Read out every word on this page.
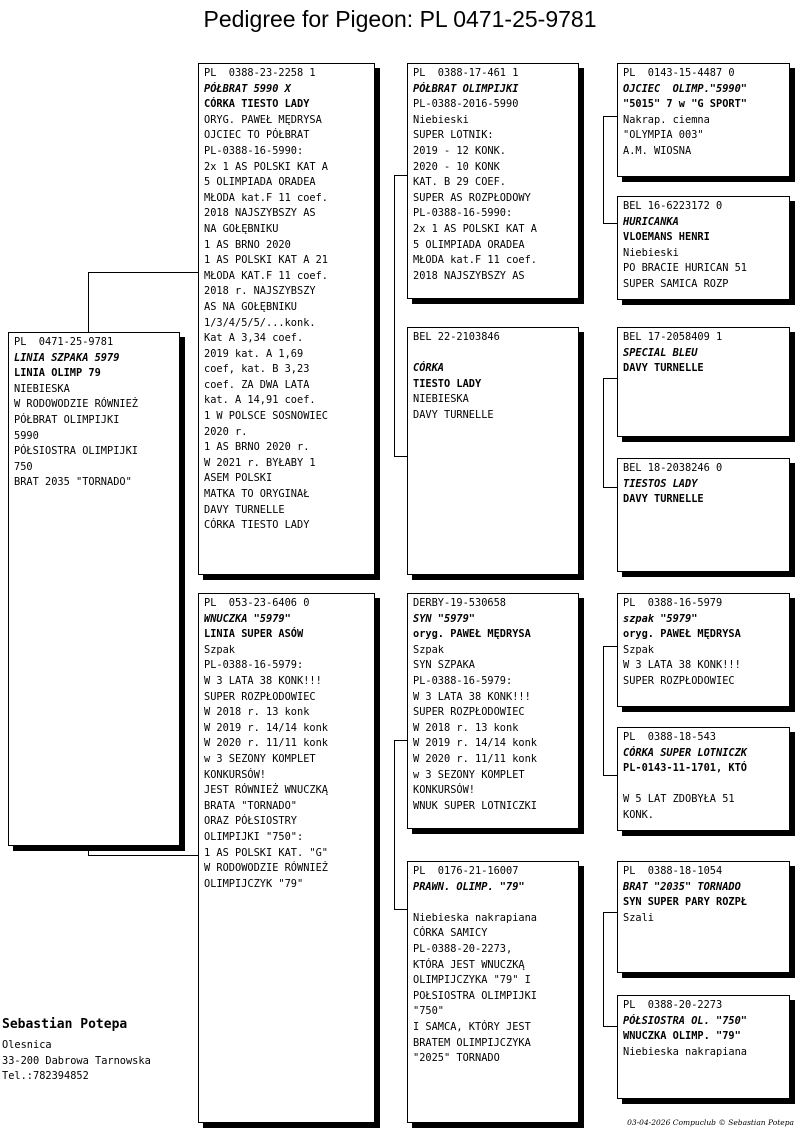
Pedigree for Pigeon: PL 0471-25-9781
PL  0471-25-9781
LINIA SZPAKA 5979
LINIA OLIMP 79
NIEBIESKA
W RODOWODZIE RÓWNIEŻ
PÓŁBRAT OLIMPIJKI
5990
PÓŁSIOSTRA OLIMPIJKI
750
BRAT 2035 "TORNADO"
PL  0388-23-2258 1
PÓŁBRAT 5990 X
CÓRKA TIESTO LADY
ORYG. PAWEŁ MĘDRYSA
OJCIEC TO PÓŁBRAT
PL-0388-16-5990:
2x 1 AS POLSKI KAT A
5 OLIMPIADA ORADEA
MŁODA kat.F 11 coef.
2018 NAJSZYBSZY AS
NA GOŁĘBNIKU
1 AS BRNO 2020
1 AS POLSKI KAT A 21
MŁODA KAT.F 11 coef.
2018 r. NAJSZYBSZY
AS NA GOŁĘBNIKU
1/3/4/5/5/...konk.
Kat A 3,34 coef.
2019 kat. A 1,69
coef, kat. B 3,23
coef. ZA DWA LATA
kat. A 14,91 coef.
1 W POLSCE SOSNOWIEC
2020 r.
1 AS BRNO 2020 r.
W 2021 r. BYŁABY 1
ASEM POLSKI
MATKA TO ORYGINAŁ
DAVY TURNELLE
CÓRKA TIESTO LADY
PL  053-23-6406 0
WNUCZKA "5979"
LINIA SUPER ASÓW
Szpak
PL-0388-16-5979:
W 3 LATA 38 KONK!!!
SUPER ROZPŁODOWIEC
W 2018 r. 13 konk
W 2019 r. 14/14 konk
W 2020 r. 11/11 konk
w 3 SEZONY KOMPLET
KONKURSÓW!
JEST RÓWNIEŻ WNUCZKĄ
BRATA "TORNADO"
ORAZ PÓŁSIOSTRY
OLIMPIJKI "750":
1 AS POLSKI KAT. "G"
W RODOWODZIE RÓWNIEŻ
OLIMPIJCZYK "79"
PL  0388-17-461 1
PÓŁBRAT OLIMPIJKI
PL-0388-2016-5990
Niebieski
SUPER LOTNIK:
2019 - 12 KONK.
2020 - 10 KONK
KAT. B 29 COEF.
SUPER AS ROZPŁODOWY
PL-0388-16-5990:
2x 1 AS POLSKI KAT A
5 OLIMPIADA ORADEA
MŁODA kat.F 11 coef.
2018 NAJSZYBSZY AS
BEL 22-2103846
CÓRKA
TIESTO LADY
NIEBIESKA
DAVY TURNELLE
DERBY-19-530658
SYN "5979"
oryg. PAWEŁ MĘDRYSA
Szpak
SYN SZPAKA
PL-0388-16-5979:
W 3 LATA 38 KONK!!!
SUPER ROZPŁODOWIEC
W 2018 r. 13 konk
W 2019 r. 14/14 konk
W 2020 r. 11/11 konk
w 3 SEZONY KOMPLET
KONKURSÓW!
WNUK SUPER LOTNICZKI
PL  0176-21-16007
PRAWN. OLIMP. "79"
Niebieska nakrapiana
CÓRKA SAMICY
PL-0388-20-2273,
KTÓRA JEST WNUCZKĄ
OLIMPIJCZYKA "79" I
POŁSIOSTRA OLIMPIJKI
"750"
I SAMCA, KTÓRY JEST
BRATEM OLIMPIJCZYKA
"2025" TORNADO
PL  0143-15-4487 0
OJCIEC  OLIMP."5990"
"5015" 7 w "G SPORT"
Nakrap. ciemna
"OLYMPIA 003"
A.M. WIOSNA
BEL 16-6223172 0
HURICANKA
VLOEMANS HENRI
Niebieski
PO BRACIE HURICAN 51
SUPER SAMICA ROZP
BEL 17-2058409 1
SPECIAL BLEU
DAVY TURNELLE
BEL 18-2038246 0
TIESTOS LADY
DAVY TURNELLE
PL  0388-16-5979
szpak "5979"
oryg. PAWEŁ MĘDRYSA
Szpak
W 3 LATA 38 KONK!!!
SUPER ROZPŁODOWIEC
PL  0388-18-543
CÓRKA SUPER LOTNICZK
PL-0143-11-1701, KTÓ
W 5 LAT ZDOBYŁA 51
KONK.
PL  0388-18-1054
BRAT "2035" TORNADO
SYN SUPER PARY ROZPŁ
Szali
PL  0388-20-2273
PÓŁSIOSTRA OL. "750"
WNUCZKA OLIMP. "79"
Niebieska nakrapiana
Sebastian Potepa
Olesnica
33-200 Dabrowa Tarnowska
Tel.:782394852
03-04-2026 Compuclub © Sebastian Potepa
